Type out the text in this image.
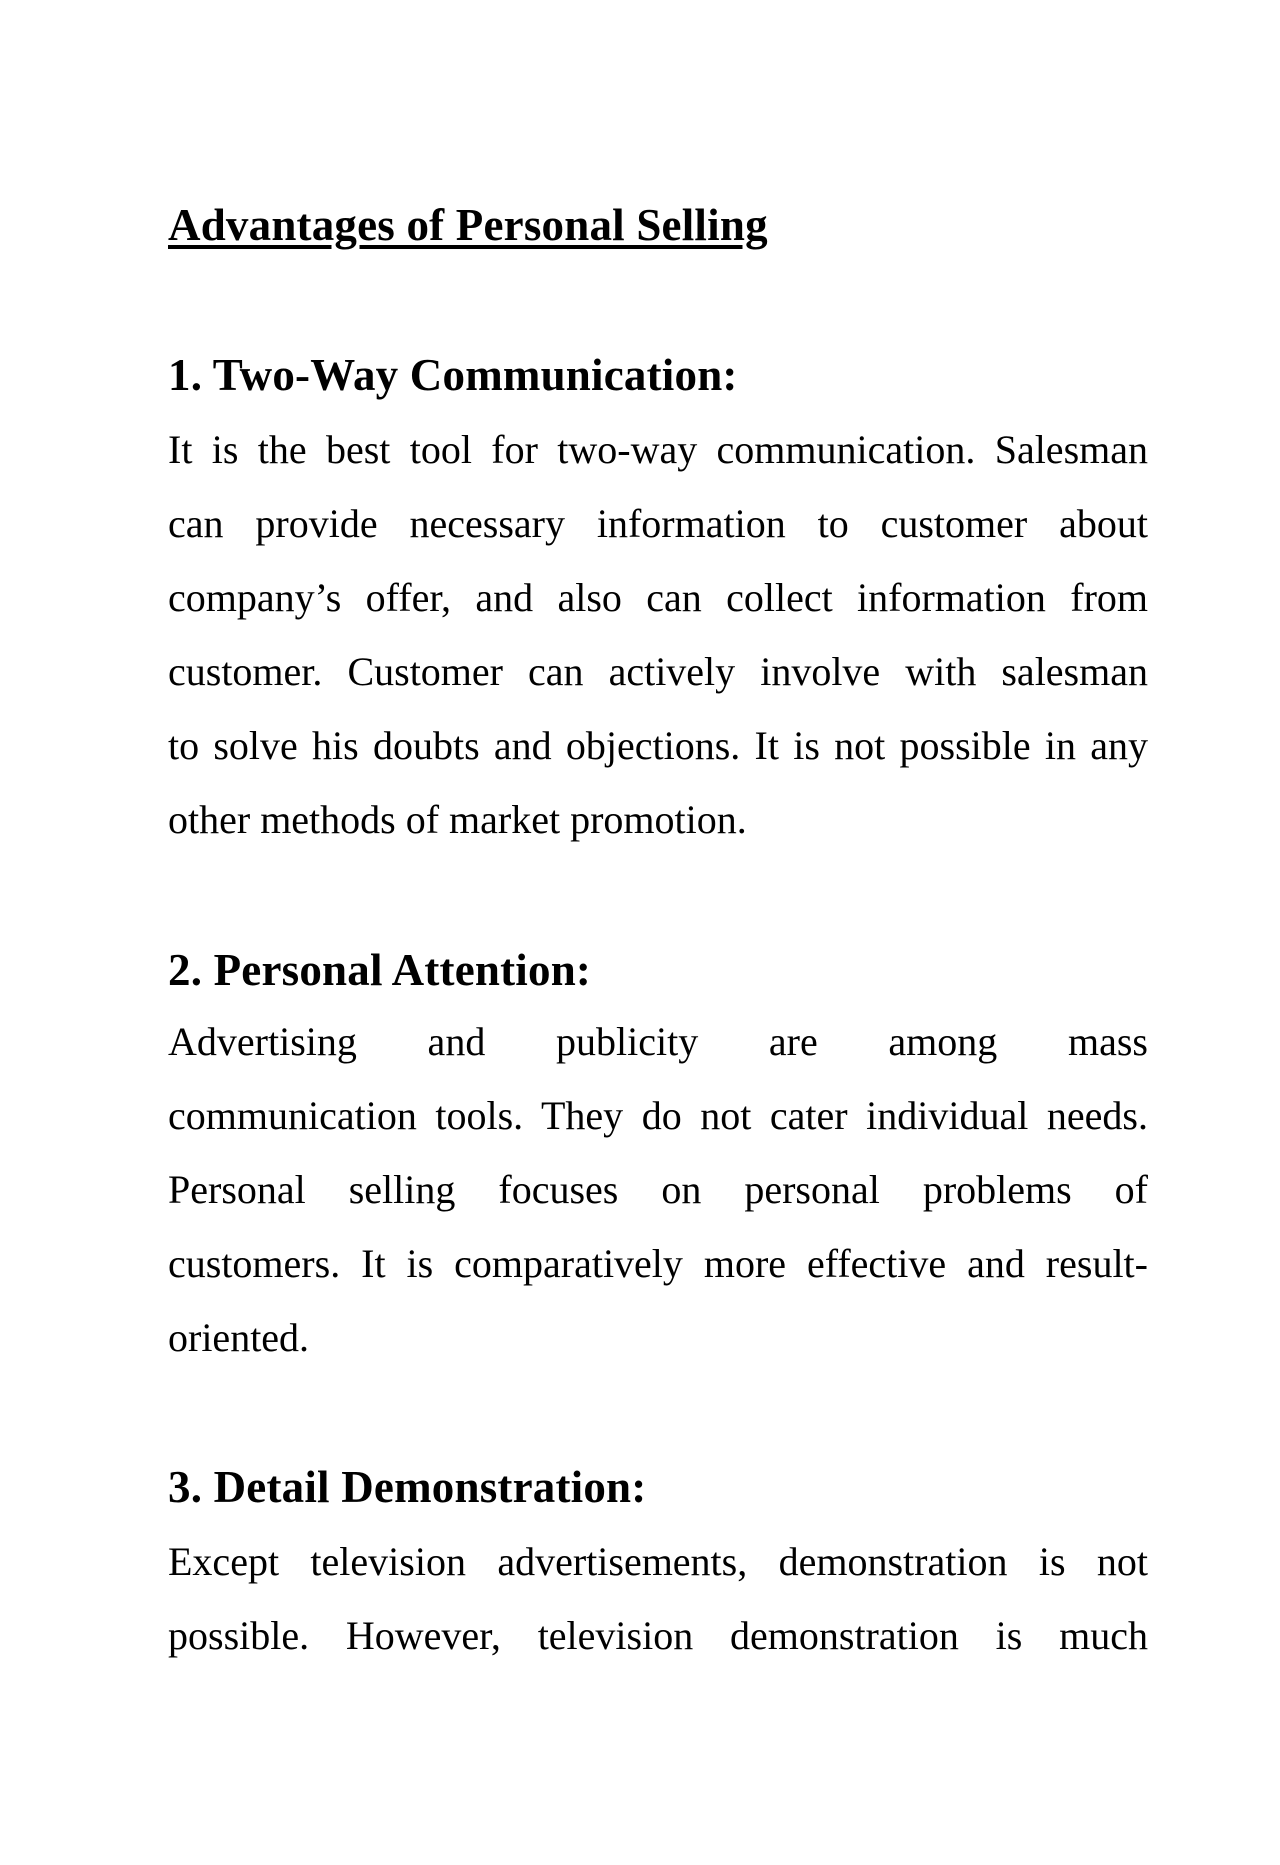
Advantages of Personal Selling
1. Two-Way Communication:
It is the best tool for two-way communication. Salesman
can provide necessary information to customer about
company’s offer, and also can collect information from
customer. Customer can actively involve with salesman
to solve his doubts and objections. It is not possible in any
other methods of market promotion.
2. Personal Attention:
Advertising and publicity are among mass
communication tools. They do not cater individual needs.
Personal selling focuses on personal problems of
customers. It is comparatively more effective and result-
oriented.
3. Detail Demonstration:
Except television advertisements, demonstration is not
possible. However, television demonstration is much
